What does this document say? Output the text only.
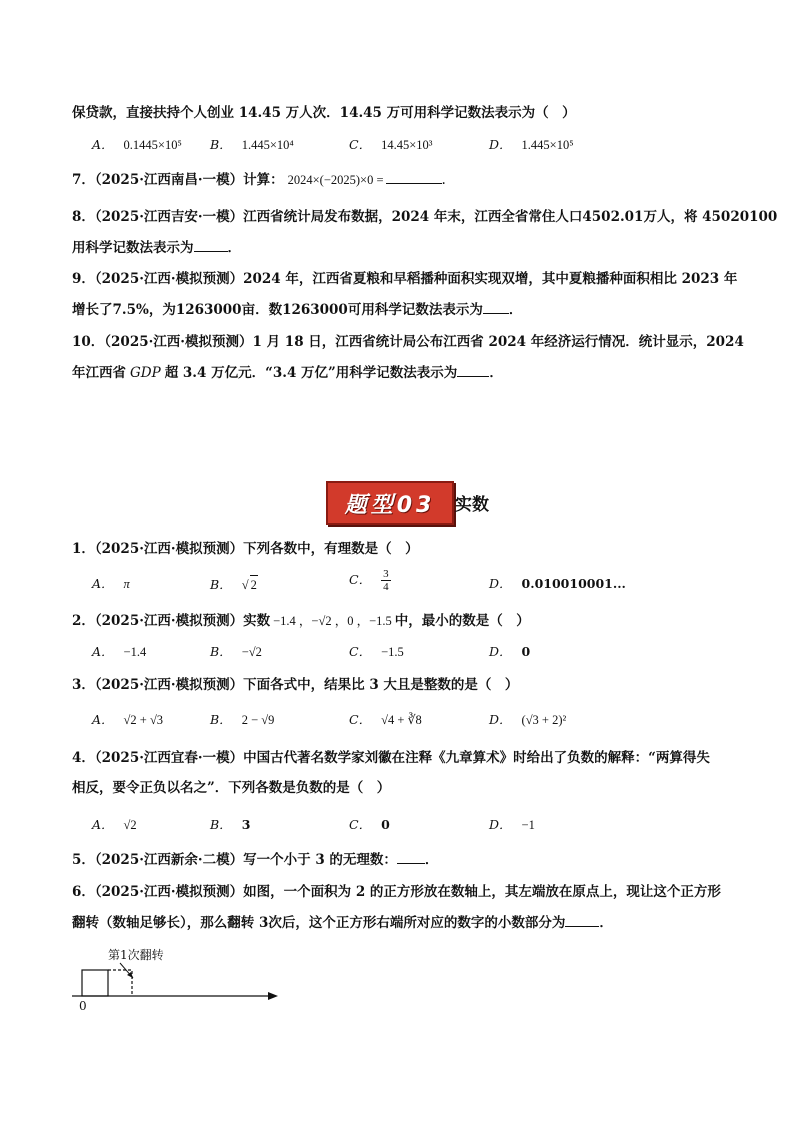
保贷款，直接扶持个人创业 14.45 万人次．14.45 万可用科学记数法表示为（　）
A． 0.1445×10⁵ B． 1.445×10⁴	C． 14.45×10³	D． 1.445×10⁵
7．（2025·江西南昌·一模）计算： 2024×(−2025)×0 =	.
8．（2025·江西吉安·一模）江西省统计局发布数据，2024 年末，江西全省常住人口4502.01万人，将 45020100
用科学记数法表示为	．
9．（2025·江西·模拟预测）2024 年，江西省夏粮和早稻播种面积实现双增，其中夏粮播种面积相比 2023 年
增长了7.5%，为1263000亩．数1263000可用科学记数法表示为 ．
10．（2025·江西·模拟预测）1 月 18 日，江西省统计局公布江西省 2024 年经济运行情况．统计显示，2024
年江西省 GDP 超 3.4 万亿元．“3.4 万亿”用科学记数法表示为 ．
题型03 实数
1．（2025·江西·模拟预测）下列各数中，有理数是（　）
A． π	B． √ 2	C． $\frac{3}{4}$	D． 0.010010001...
2．（2025·江西·模拟预测）实数 −1.4 ，−√2 ，0 ，−1.5 中，最小的数是（　）
A． −1.4	B． −√2	C． −1.5	D． 0
3．（2025·江西·模拟预测）下面各式中，结果比 3 大且是整数的是（　）
A． √2 + √3	B． 2 − √9	C． √4 + ∛8	D． (√3 + 2)²
4．（2025·江西宜春·一模）中国古代著名数学家刘徽在注释《九章算术》时给出了负数的解释：“两算得失
相反，要令正负以名之”．下列各数是负数的是（　）
A． √2	B． 3	C． 0	D． −1
5．（2025·江西新余·二模）写一个小于 3 的无理数： ．
6．（2025·江西·模拟预测）如图，一个面积为 2 的正方形放在数轴上，其左端放在原点上，现让这个正方形
翻转（数轴足够长），那么翻转 3次后，这个正方形右端所对应的数字的小数部分为	．
第1次翻转
0
